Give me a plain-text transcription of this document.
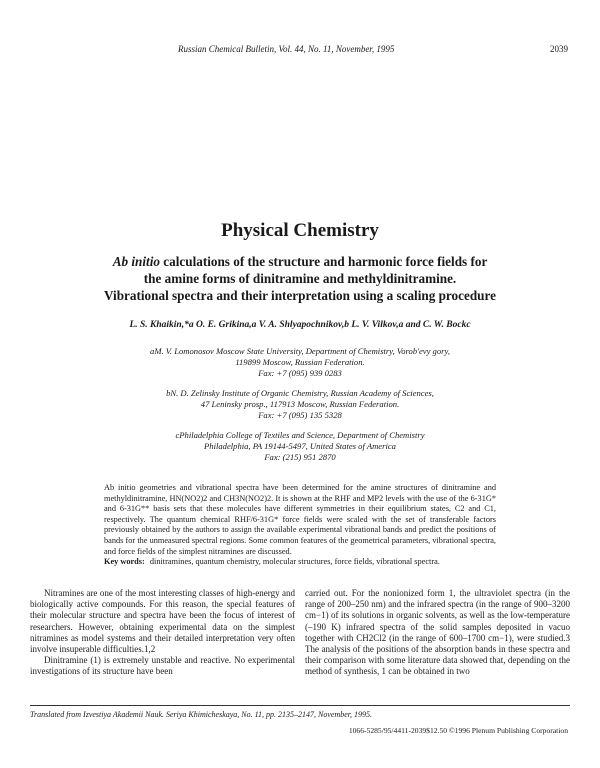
Russian Chemical Bulletin, Vol. 44, No. 11, November, 1995	2039
Physical Chemistry
Ab initio calculations of the structure and harmonic force fields for
the amine forms of dinitramine and methyldinitramine.
Vibrational spectra and their interpretation using a scaling procedure
L. S. Khaikin,*a O. E. Grikina,a V. A. Shlyapochnikov,b L. V. Vilkov,a and C. W. Bockc
aM. V. Lomonosov Moscow State University, Department of Chemistry, Vorob'evy gory,
119899 Moscow, Russian Federation.
Fax: +7 (095) 939 0283
bN. D. Zelinsky Institute of Organic Chemistry, Russian Academy of Sciences,
47 Leninsky prosp., 117913 Moscow, Russian Federation.
Fax: +7 (095) 135 5328
cPhiladelphia College of Textiles and Science, Department of Chemistry
Philadelphia, PA 19144-5497, United States of America
Fax: (215) 951 2870
Ab initio geometries and vibrational spectra have been determined for the amine structures of dinitramine and methyldinitramine, HN(NO2)2 and CH3N(NO2)2. It is shown at the RHF and MP2 levels with the use of the 6-31G* and 6-31G** basis sets that these molecules have different symmetries in their equilibrium states, C2 and C1, respectively. The quantum chemical RHF/6-31G* force fields were scaled with the set of transferable factors previously obtained by the authors to assign the available experimental vibrational bands and predict the positions of bands for the unmeasured spectral regions. Some common features of the geometrical parameters, vibrational spectra, and force fields of the simplest nitramines are discussed.
Key words: dinitramines, quantum chemistry, molecular structures, force fields, vibrational spectra.

Nitramines are one of the most interesting classes of high-energy and biologically active compounds. For this reason, the special features of their molecular structure and spectra have been the focus of interest of researchers. However, obtaining experimental data on the simplest nitramines as model systems and their detailed interpretation very often involve insuperable difficulties.1,2

Dinitramine (1) is extremely unstable and reactive. No experimental investigations of its structure have been

carried out. For the nonionized form 1, the ultraviolet spectra (in the range of 200–250 nm) and the infrared spectra (in the range of 900–3200 cm−1) of its solutions in organic solvents, as well as the low-temperature (–190 K) infrared spectra of the solid samples deposited in vacuo together with CH2Cl2 (in the range of 600–1700 cm−1), were studied.3 The analysis of the positions of the absorption bands in these spectra and their comparison with some literature data showed that, depending on the method of synthesis, 1 can be obtained in two

Translated from Izvestiya Akademii Nauk. Seriya Khimicheskaya, No. 11, pp. 2135–2147, November, 1995.
1066-5285/95/4411-2039$12.50 ©1996 Plenum Publishing Corporation
